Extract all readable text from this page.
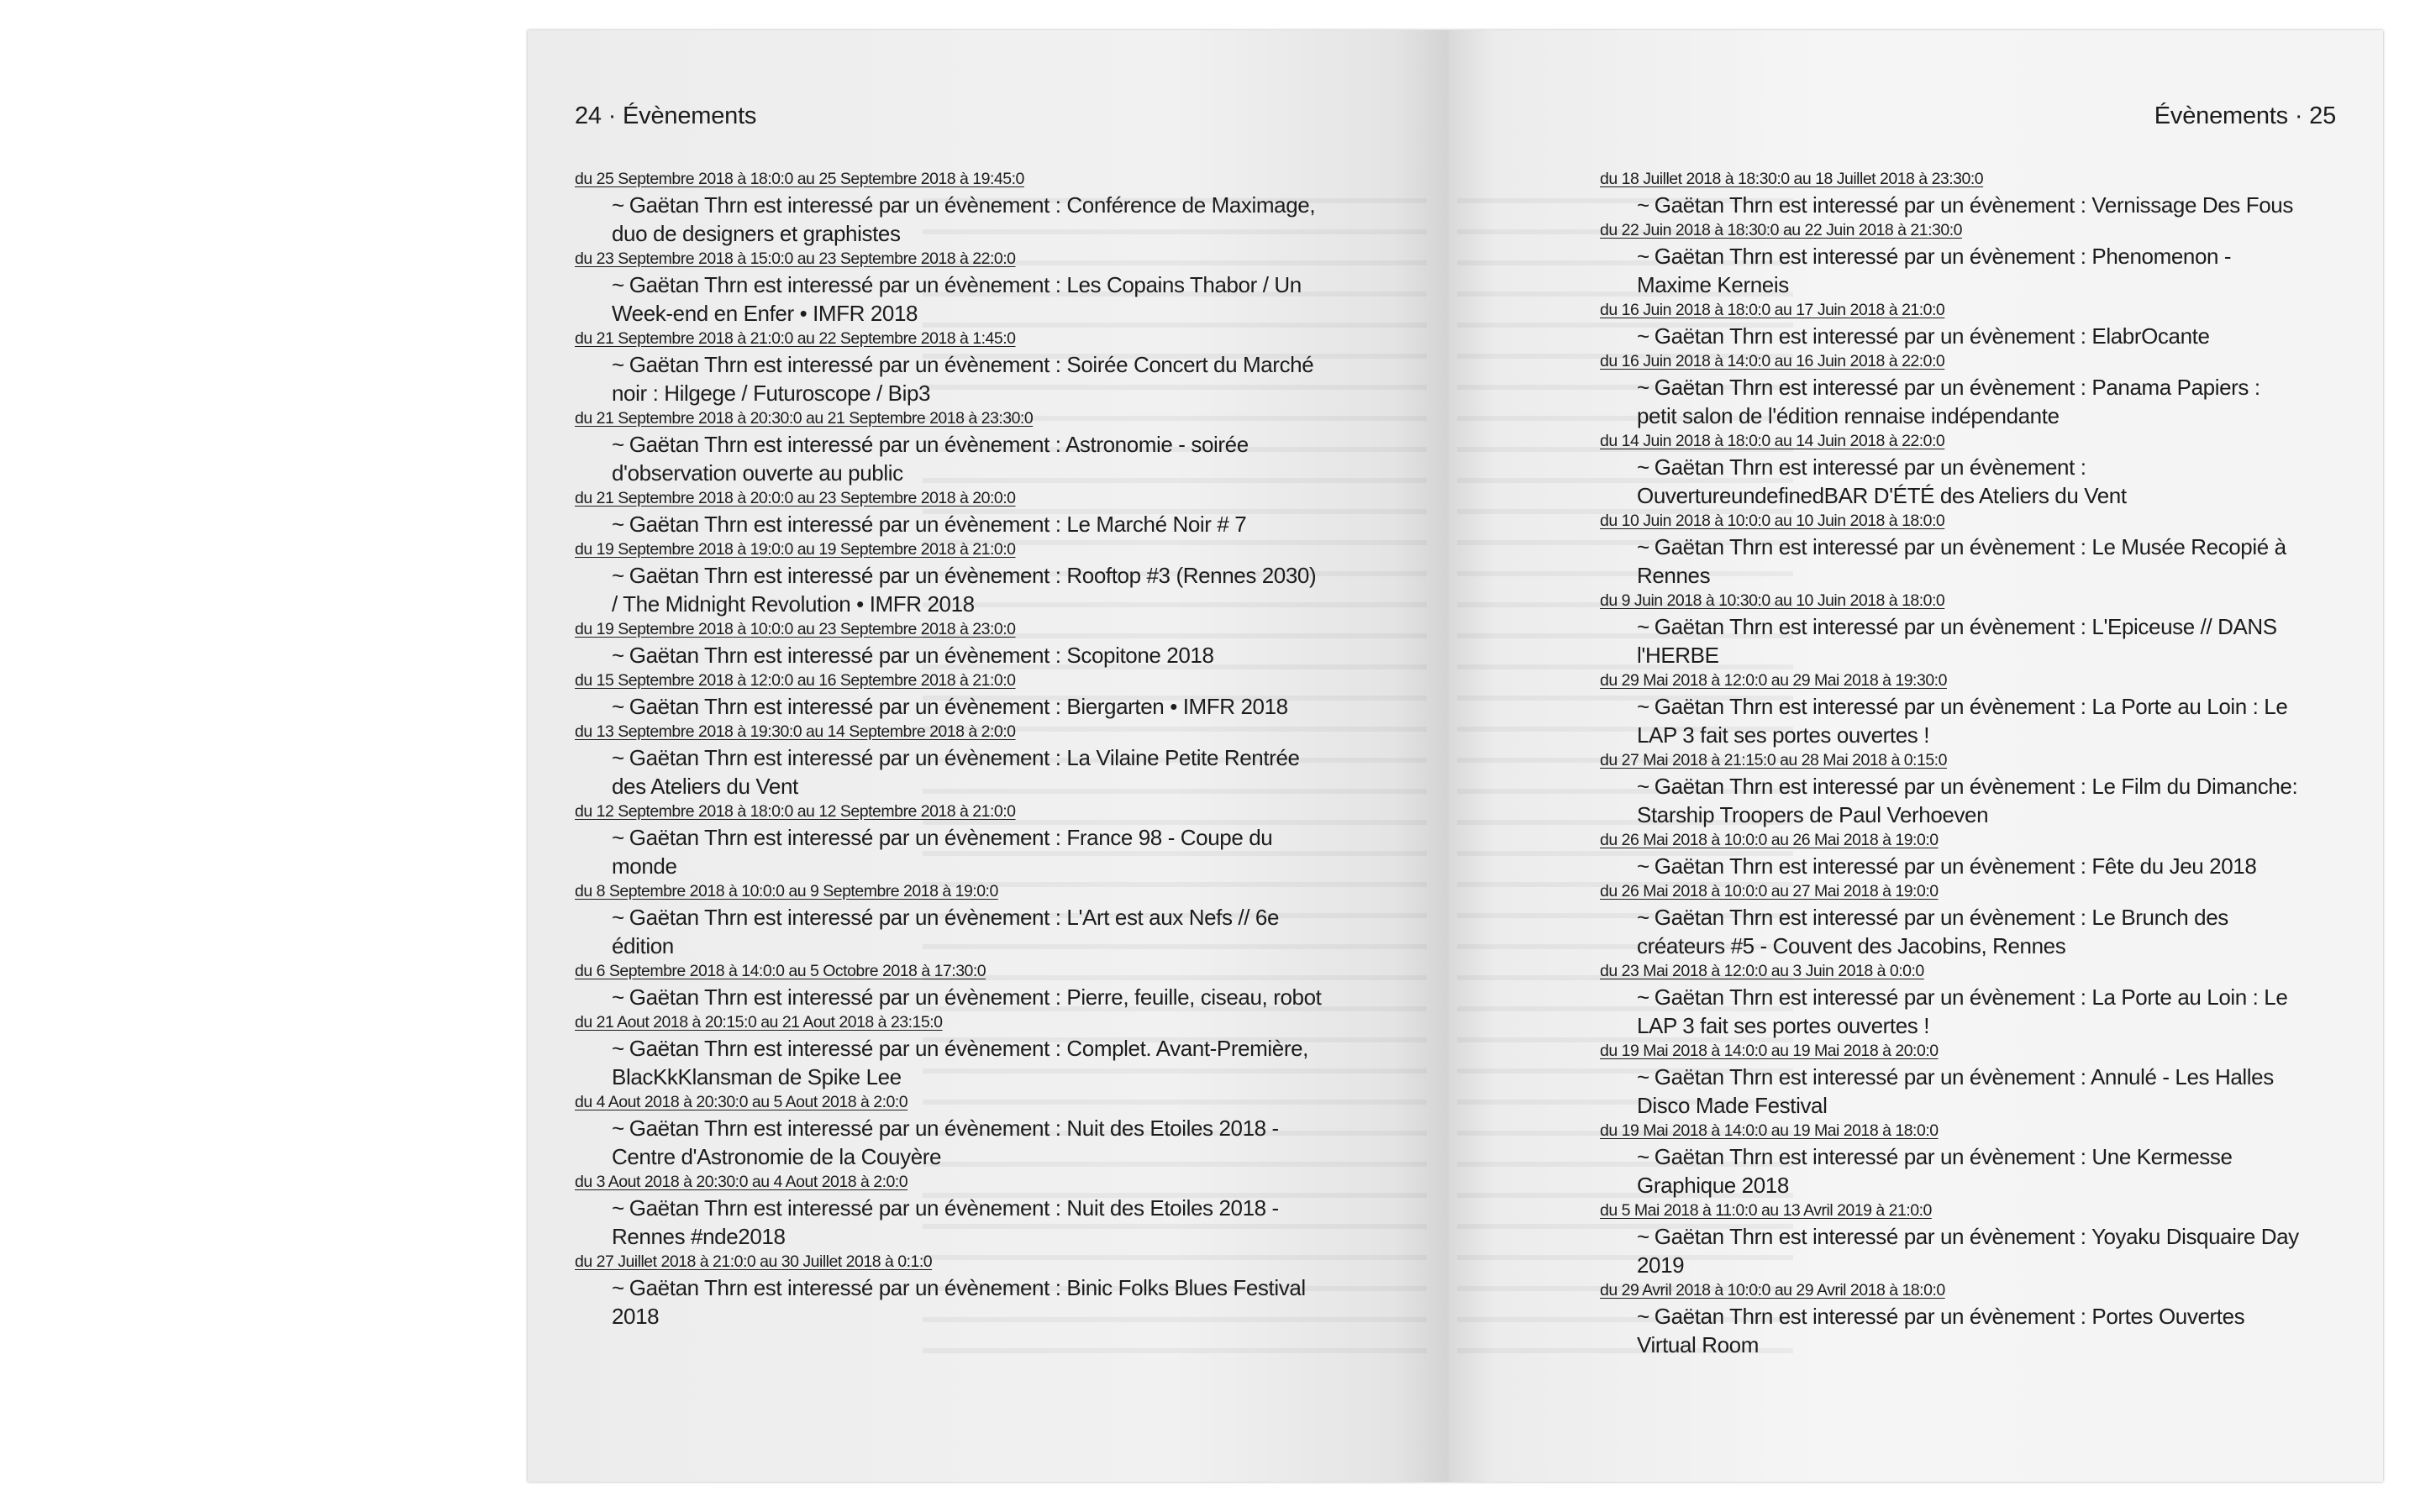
24 · Évènements
du 25 Septembre 2018 à 18:0:0 au 25 Septembre 2018 à 19:45:0
~ Gaëtan Thrn est interessé par un évènement : Conférence de Maximage, duo de designers et graphistes
du 23 Septembre 2018 à 15:0:0 au 23 Septembre 2018 à 22:0:0
~ Gaëtan Thrn est interessé par un évènement : Les Copains Thabor / Un Week-end en Enfer • IMFR 2018
du 21 Septembre 2018 à 21:0:0 au 22 Septembre 2018 à 1:45:0
~ Gaëtan Thrn est interessé par un évènement : Soirée Concert du Marché noir : Hilgege / Futuroscope / Bip3
du 21 Septembre 2018 à 20:30:0 au 21 Septembre 2018 à 23:30:0
~ Gaëtan Thrn est interessé par un évènement : Astronomie - soirée d'observation ouverte au public
du 21 Septembre 2018 à 20:0:0 au 23 Septembre 2018 à 20:0:0
~ Gaëtan Thrn est interessé par un évènement : Le Marché Noir # 7
du 19 Septembre 2018 à 19:0:0 au 19 Septembre 2018 à 21:0:0
~ Gaëtan Thrn est interessé par un évènement : Rooftop #3 (Rennes 2030) / The Midnight Revolution • IMFR 2018
du 19 Septembre 2018 à 10:0:0 au 23 Septembre 2018 à 23:0:0
~ Gaëtan Thrn est interessé par un évènement : Scopitone 2018
du 15 Septembre 2018 à 12:0:0 au 16 Septembre 2018 à 21:0:0
~ Gaëtan Thrn est interessé par un évènement : Biergarten • IMFR 2018
du 13 Septembre 2018 à 19:30:0 au 14 Septembre 2018 à 2:0:0
~ Gaëtan Thrn est interessé par un évènement : La Vilaine Petite Rentrée des Ateliers du Vent
du 12 Septembre 2018 à 18:0:0 au 12 Septembre 2018 à 21:0:0
~ Gaëtan Thrn est interessé par un évènement : France 98 - Coupe du monde
du 8 Septembre 2018 à 10:0:0 au 9 Septembre 2018 à 19:0:0
~ Gaëtan Thrn est interessé par un évènement : L'Art est aux Nefs // 6e édition
du 6 Septembre 2018 à 14:0:0 au 5 Octobre 2018 à 17:30:0
~ Gaëtan Thrn est interessé par un évènement : Pierre, feuille, ciseau, robot
du 21 Aout 2018 à 20:15:0 au 21 Aout 2018 à 23:15:0
~ Gaëtan Thrn est interessé par un évènement : Complet. Avant-Première, BlacKkKlansman de Spike Lee
du 4 Aout 2018 à 20:30:0 au 5 Aout 2018 à 2:0:0
~ Gaëtan Thrn est interessé par un évènement : Nuit des Etoiles 2018 - Centre d'Astronomie de la Couyère
du 3 Aout 2018 à 20:30:0 au 4 Aout 2018 à 2:0:0
~ Gaëtan Thrn est interessé par un évènement : Nuit des Etoiles 2018 - Rennes #nde2018
du 27 Juillet 2018 à 21:0:0 au 30 Juillet 2018 à 0:1:0
~ Gaëtan Thrn est interessé par un évènement : Binic Folks Blues Festival 2018
Évènements · 25
du 18 Juillet 2018 à 18:30:0 au 18 Juillet 2018 à 23:30:0
~ Gaëtan Thrn est interessé par un évènement : Vernissage Des Fous
du 22 Juin 2018 à 18:30:0 au 22 Juin 2018 à 21:30:0
~ Gaëtan Thrn est interessé par un évènement : Phenomenon - Maxime Kerneis
du 16 Juin 2018 à 18:0:0 au 17 Juin 2018 à 21:0:0
~ Gaëtan Thrn est interessé par un évènement : ElabrOcante
du 16 Juin 2018 à 14:0:0 au 16 Juin 2018 à 22:0:0
~ Gaëtan Thrn est interessé par un évènement : Panama Papiers : petit salon de l'édition rennaise indépendante
du 14 Juin 2018 à 18:0:0 au 14 Juin 2018 à 22:0:0
~ Gaëtan Thrn est interessé par un évènement : OuvertureundefinedBAR D'ÉTÉ des Ateliers du Vent
du 10 Juin 2018 à 10:0:0 au 10 Juin 2018 à 18:0:0
~ Gaëtan Thrn est interessé par un évènement : Le Musée Recopié à Rennes
du 9 Juin 2018 à 10:30:0 au 10 Juin 2018 à 18:0:0
~ Gaëtan Thrn est interessé par un évènement : L'Epiceuse // DANS l'HERBE
du 29 Mai 2018 à 12:0:0 au 29 Mai 2018 à 19:30:0
~ Gaëtan Thrn est interessé par un évènement : La Porte au Loin : Le LAP 3 fait ses portes ouvertes !
du 27 Mai 2018 à 21:15:0 au 28 Mai 2018 à 0:15:0
~ Gaëtan Thrn est interessé par un évènement : Le Film du Dimanche: Starship Troopers de Paul Verhoeven
du 26 Mai 2018 à 10:0:0 au 26 Mai 2018 à 19:0:0
~ Gaëtan Thrn est interessé par un évènement : Fête du Jeu 2018
du 26 Mai 2018 à 10:0:0 au 27 Mai 2018 à 19:0:0
~ Gaëtan Thrn est interessé par un évènement : Le Brunch des créateurs #5 - Couvent des Jacobins, Rennes
du 23 Mai 2018 à 12:0:0 au 3 Juin 2018 à 0:0:0
~ Gaëtan Thrn est interessé par un évènement : La Porte au Loin : Le LAP 3 fait ses portes ouvertes !
du 19 Mai 2018 à 14:0:0 au 19 Mai 2018 à 20:0:0
~ Gaëtan Thrn est interessé par un évènement : Annulé - Les Halles Disco Made Festival
du 19 Mai 2018 à 14:0:0 au 19 Mai 2018 à 18:0:0
~ Gaëtan Thrn est interessé par un évènement : Une Kermesse Graphique 2018
du 5 Mai 2018 à 11:0:0 au 13 Avril 2019 à 21:0:0
~ Gaëtan Thrn est interessé par un évènement : Yoyaku Disquaire Day 2019
du 29 Avril 2018 à 10:0:0 au 29 Avril 2018 à 18:0:0
~ Gaëtan Thrn est interessé par un évènement : Portes Ouvertes Virtual Room
